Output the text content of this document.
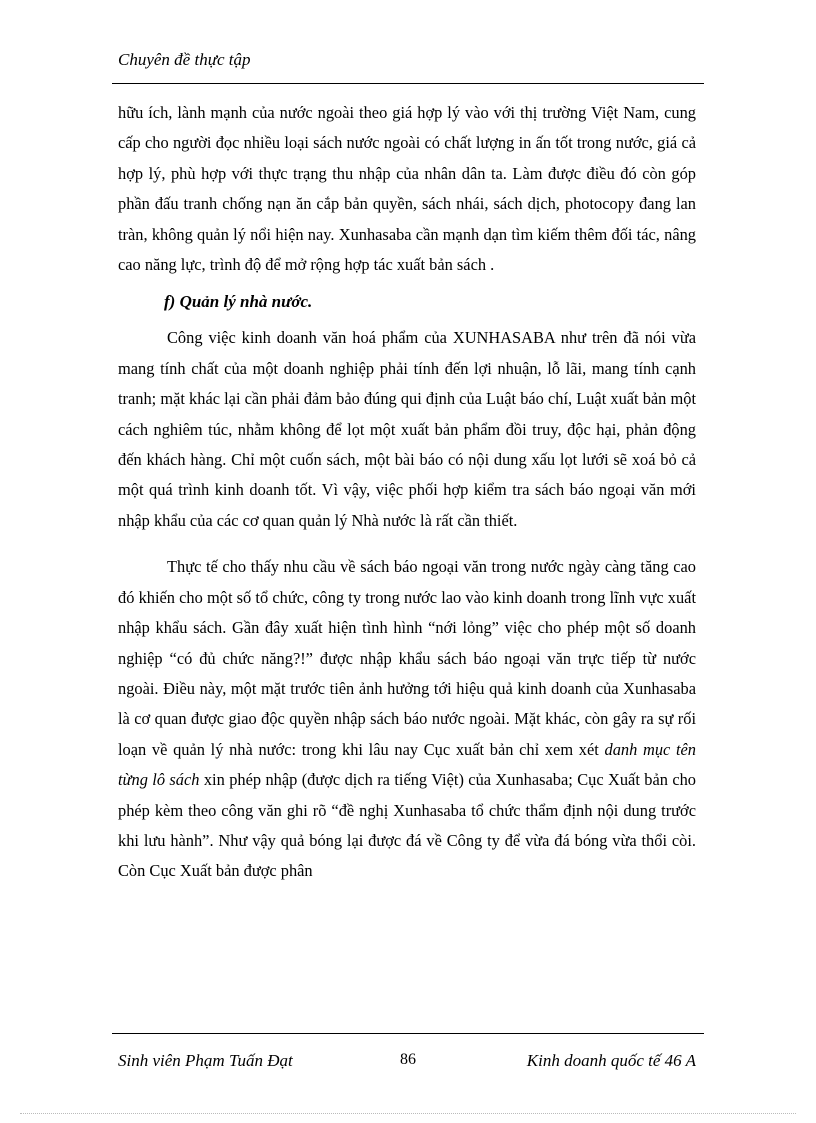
Chuyên đề thực tập

hữu ích, lành mạnh của nước ngoài theo giá hợp lý vào với thị trường Việt Nam, cung cấp cho người đọc nhiều loại sách nước ngoài có chất lượng in ấn tốt trong nước, giá cả hợp lý, phù hợp với thực trạng thu nhập của nhân dân ta. Làm được điều đó còn góp phần đấu tranh chống nạn ăn cắp bản quyền, sách nhái, sách dịch, photocopy đang lan tràn, không quản lý nổi hiện nay. Xunhasaba cần mạnh dạn tìm kiếm thêm đối tác, nâng cao năng lực, trình độ để mở rộng hợp tác xuất bản sách .

f) Quản lý nhà nước.

Công việc kinh doanh văn hoá phẩm của XUNHASABA như trên đã nói vừa mang tính chất của một doanh nghiệp phải tính đến lợi nhuận, lỗ lãi, mang tính cạnh tranh; mặt khác lại cần phải đảm bảo đúng qui định của Luật báo chí, Luật xuất bản một cách nghiêm túc, nhằm không để lọt một xuất bản phẩm đồi truy, độc hại, phản động đến khách hàng. Chỉ một cuốn sách, một bài báo có nội dung xấu lọt lưới sẽ xoá bỏ cả một quá trình kinh doanh tốt. Vì vậy, việc phối hợp kiểm tra sách báo ngoại văn mới nhập khẩu của các cơ quan quản lý Nhà nước là rất cần thiết.

Thực tế cho thấy nhu cầu về sách báo ngoại văn trong nước ngày càng tăng cao đó khiến cho một số tổ chức, công ty trong nước lao vào kinh doanh trong lĩnh vực xuất nhập khẩu sách. Gần đây xuất hiện tình hình “nới lỏng” việc cho phép một số doanh nghiệp “có đủ chức năng?!” được nhập khẩu sách báo ngoại văn trực tiếp từ nước ngoài. Điều này, một mặt trước tiên ảnh hưởng tới hiệu quả kinh doanh của Xunhasaba là cơ quan được giao độc quyền nhập sách báo nước ngoài. Mặt khác, còn gây ra sự rối loạn về quản lý nhà nước: trong khi lâu nay Cục xuất bản chỉ xem xét danh mục tên từng lô sách xin phép nhập (được dịch ra tiếng Việt) của Xunhasaba; Cục Xuất bản cho phép kèm theo công văn ghi rõ “đề nghị Xunhasaba tổ chức thẩm định nội dung trước khi lưu hành”. Như vậy quả bóng lại được đá về Công ty để vừa đá bóng vừa thổi còi. Còn Cục Xuất bản được phân

Sinh viên Phạm Tuấn Đạt	86	Kinh doanh quốc tế 46 A
